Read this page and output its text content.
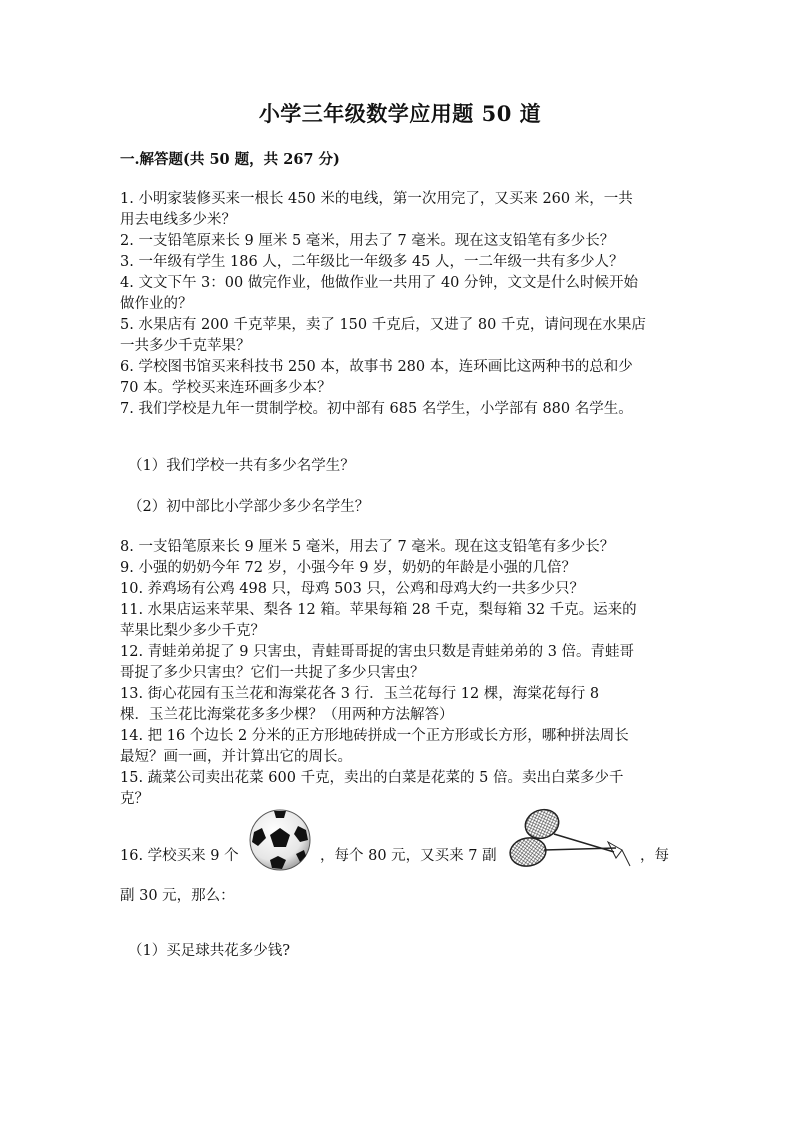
小学三年级数学应用题 50 道
一.解答题(共 50 题，共 267 分)
1. 小明家装修买来一根长 450 米的电线，第一次用完了，又买来 260 米，一共
用去电线多少米？
2. 一支铅笔原来长 9 厘米 5 毫米，用去了 7 毫米。现在这支铅笔有多少长？
3. 一年级有学生 186 人，二年级比一年级多 45 人，一二年级一共有多少人？
4. 文文下午 3：00 做完作业，他做作业一共用了 40 分钟，文文是什么时候开始
做作业的？
5. 水果店有 200 千克苹果，卖了 150 千克后，又进了 80 千克，请问现在水果店
一共多少千克苹果？
6. 学校图书馆买来科技书 250 本，故事书 280 本，连环画比这两种书的总和少
70 本。学校买来连环画多少本？
7. 我们学校是九年一贯制学校。初中部有 685 名学生，小学部有 880 名学生。
（1）我们学校一共有多少名学生？
（2）初中部比小学部少多少名学生？
8. 一支铅笔原来长 9 厘米 5 毫米，用去了 7 毫米。现在这支铅笔有多少长？
9. 小强的奶奶今年 72 岁，小强今年 9 岁，奶奶的年龄是小强的几倍？
10. 养鸡场有公鸡 498 只，母鸡 503 只，公鸡和母鸡大约一共多少只？
11. 水果店运来苹果、梨各 12 箱。苹果每箱 28 千克，梨每箱 32 千克。运来的
苹果比梨少多少千克？
12. 青蛙弟弟捉了 9 只害虫，青蛙哥哥捉的害虫只数是青蛙弟弟的 3 倍。青蛙哥
哥捉了多少只害虫？它们一共捉了多少只害虫？
13. 街心花园有玉兰花和海棠花各 3 行．玉兰花每行 12 棵，海棠花每行 8
棵．玉兰花比海棠花多多少棵？（用两种方法解答）
14. 把 16 个边长 2 分米的正方形地砖拼成一个正方形或长方形，哪种拼法周长
最短？画一画，并计算出它的周长。
15. 蔬菜公司卖出花菜 600 千克，卖出的白菜是花菜的 5 倍。卖出白菜多少千
克？
16. 学校买来 9 个	，每个 80 元，又买来 7 副	，每
副 30 元，那么：
（1）买足球共花多少钱?
